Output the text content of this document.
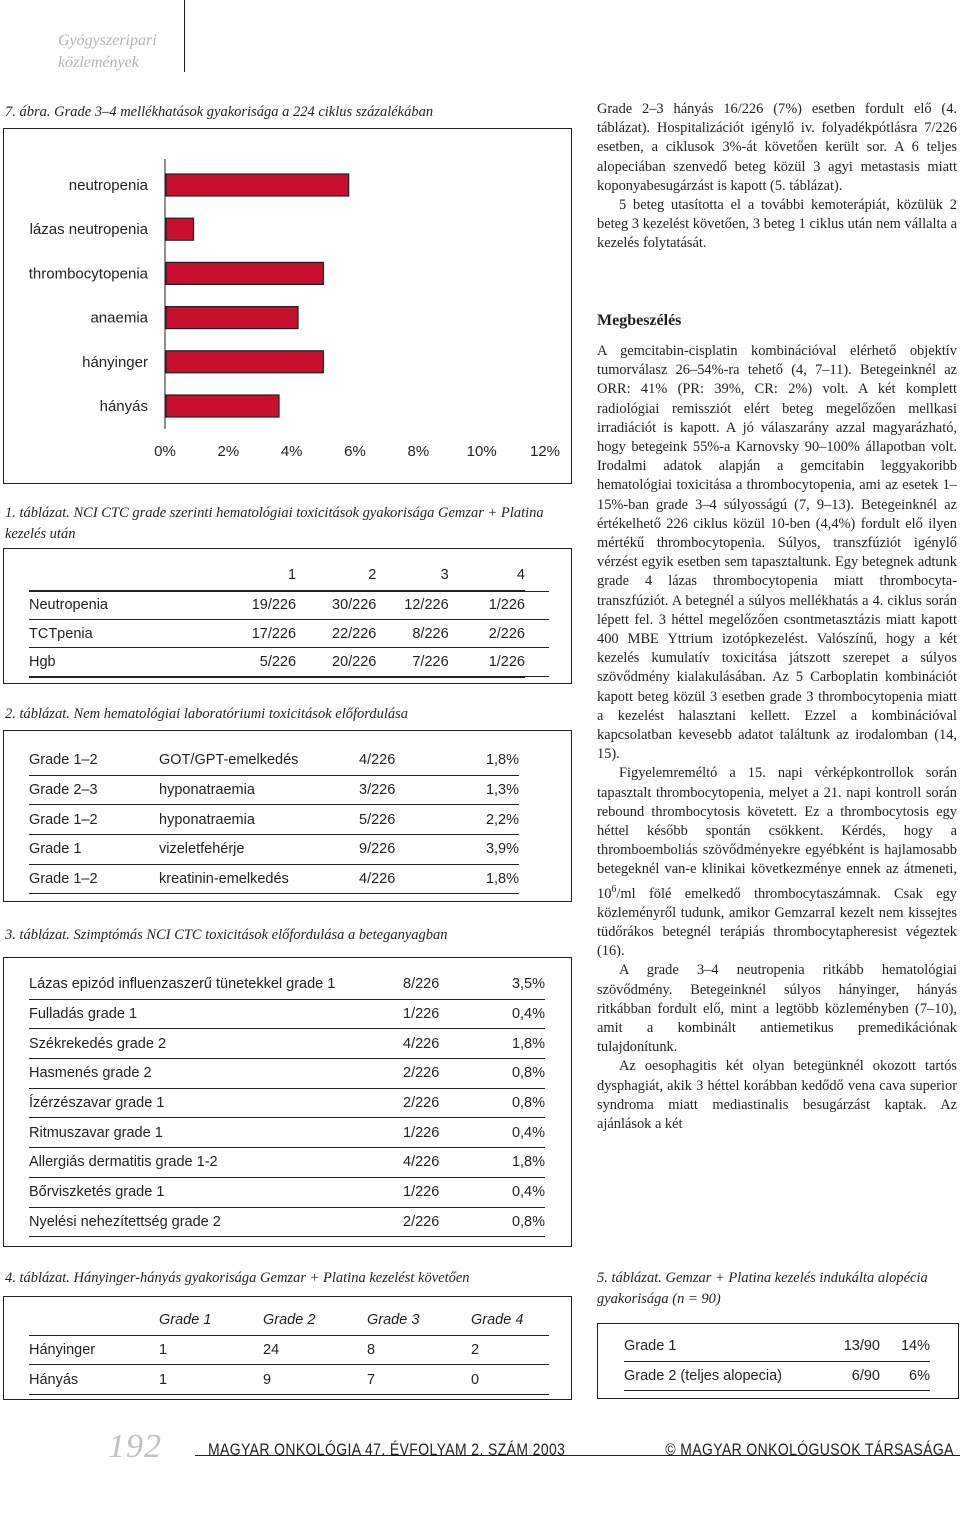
Gyógyszeripari közlemények
7. ábra. Grade 3–4 mellékhatások gyakorisága a 224 ciklus százalékában
neutropenia
lázas neutropenia
thrombocytopenia
anaemia
hányinger
hányás
0%	2%	4%	6%	8% 10% 12%
1. táblázat. NCI CTC grade szerinti hematológiai toxicitások gyakorisága Gemzar + Platina kezelés után
	1	2	3	4
Neutropenia	19/226	30/226	12/226	1/226
TCTpenia	17/226	22/226	8/226	2/226
Hgb	5/226	20/226	7/226	1/226
2. táblázat. Nem hematológiai laboratóriumi toxicitások előfordulása
Grade 1–2	GOT/GPT-emelkedés	4/226	1,8%
Grade 2–3	hyponatraemia	3/226	1,3%
Grade 1–2	hyponatraemia	5/226	2,2%
Grade 1	vizeletfehérje	9/226	3,9%
Grade 1–2	kreatinin-emelkedés	4/226	1,8%
3. táblázat. Szimptómás NCI CTC toxicitások előfordulása a beteganyagban
Lázas epizód influenzaszerű tünetekkel grade 1	8/226	3,5%
Fulladás grade 1	1/226	0,4%
Székrekedés grade 2	4/226	1,8%
Hasmenés grade 2	2/226	0,8%
Ízérzészavar grade 1	2/226	0,8%
Ritmuszavar grade 1	1/226	0,4%
Allergiás dermatitis grade 1-2	4/226	1,8%
Bőrviszketés grade 1	1/226	0,4%
Nyelési nehezítettség grade 2	2/226	0,8%
4. táblázat. Hányinger-hányás gyakorisága Gemzar + Platina kezelést követően
	Grade 1	Grade 2	Grade 3	Grade 4
Hányinger	1	24	8	2
Hányás	1	9	7	0

Grade 2–3 hányás 16/226 (7%) esetben fordult elő (4. táblázat). Hospitalizációt igénylő iv. folyadékpótlásra 7/226 esetben, a ciklusok 3%-át követően került sor. A 6 teljes alopeciában szenvedő beteg közül 3 agyi metastasis miatt koponyabesugárzást is kapott (5. táblázat).

5 beteg utasította el a további kemoterápiát, közülük 2 beteg 3 kezelést követően, 3 beteg 1 ciklus után nem vállalta a kezelés folytatását.

Megbeszélés

A gemcitabin-cisplatin kombinációval elérhető objektív tumorválasz 26–54%-ra tehető (4, 7–11). Betegeinknél az ORR: 41% (PR: 39%, CR: 2%) volt. A két komplett radiológiai remissziót elért beteg megelőzően mellkasi irradiációt is kapott. A jó válaszarány azzal magyarázható, hogy betegeink 55%-a Karnovsky 90–100% állapotban volt. Irodalmi adatok alapján a gemcitabin leggyakoribb hematológiai toxicitása a thrombocytopenia, ami az esetek 1–15%-ban grade 3–4 súlyosságú (7, 9–13). Betegeinknél az értékelhető 226 ciklus közül 10-ben (4,4%) fordult elő ilyen mértékű thrombocytopenia. Súlyos, transzfúziót igénylő vérzést egyik esetben sem tapasztaltunk. Egy betegnek adtunk grade 4 lázas thrombocytopenia miatt thrombocyta-transzfúziót. A betegnél a súlyos mellékhatás a 4. ciklus során lépett fel. 3 héttel megelőzően csontmetasztázis miatt kapott 400 MBE Yttrium izotópkezelést. Valószínű, hogy a két kezelés kumulatív toxicitása játszott szerepet a súlyos szövődmény kialakulásában. Az 5 Carboplatin kombinációt kapott beteg közül 3 esetben grade 3 thrombocytopenia miatt a kezelést halasztani kellett. Ezzel a kombinációval kapcsolatban kevesebb adatot találtunk az irodalomban (14, 15).

Figyelemreméltó a 15. napi vérképkontrollok során tapasztalt thrombocytopenia, melyet a 21. napi kontroll során rebound thrombocytosis követett. Ez a thrombocytosis egy héttel később spontán csökkent. Kérdés, hogy a thromboemboliás szövődményekre egyébként is hajlamosabb betegeknél van-e klinikai következménye ennek az átmeneti, $10^6/ml$ fölé emelkedő thrombocytaszámnak. Csak egy közleményről tudunk, amikor Gemzarral kezelt nem kissejtes tüdőrákos betegnél terápiás thrombocytapheresist végeztek (16).

A grade 3–4 neutropenia ritkább hematológiai szövődmény. Betegeinknél súlyos hányinger, hányás ritkábban fordult elő, mint a legtöbb közleményben (7–10), amit a kombinált antiemetikus premedikációnak tulajdonítunk.

Az oesophagitis két olyan betegünknél okozott tartós dysphagiát, akik 3 héttel korábban kedődő vena cava superior syndroma miatt mediastinalis besugárzást kaptak. Az ajánlások a két

5. táblázat. Gemzar + Platina kezelés indukálta alopécia gyakorisága (n = 90)
Grade 1	13/90	14%
Grade 2 (teljes alopecia)	6/90	6%
192	MAGYAR ONKOLÓGIA 47. ÉVFOLYAM 2. SZÁM 2003	© MAGYAR ONKOLÓGUSOK TÁRSASÁGA
